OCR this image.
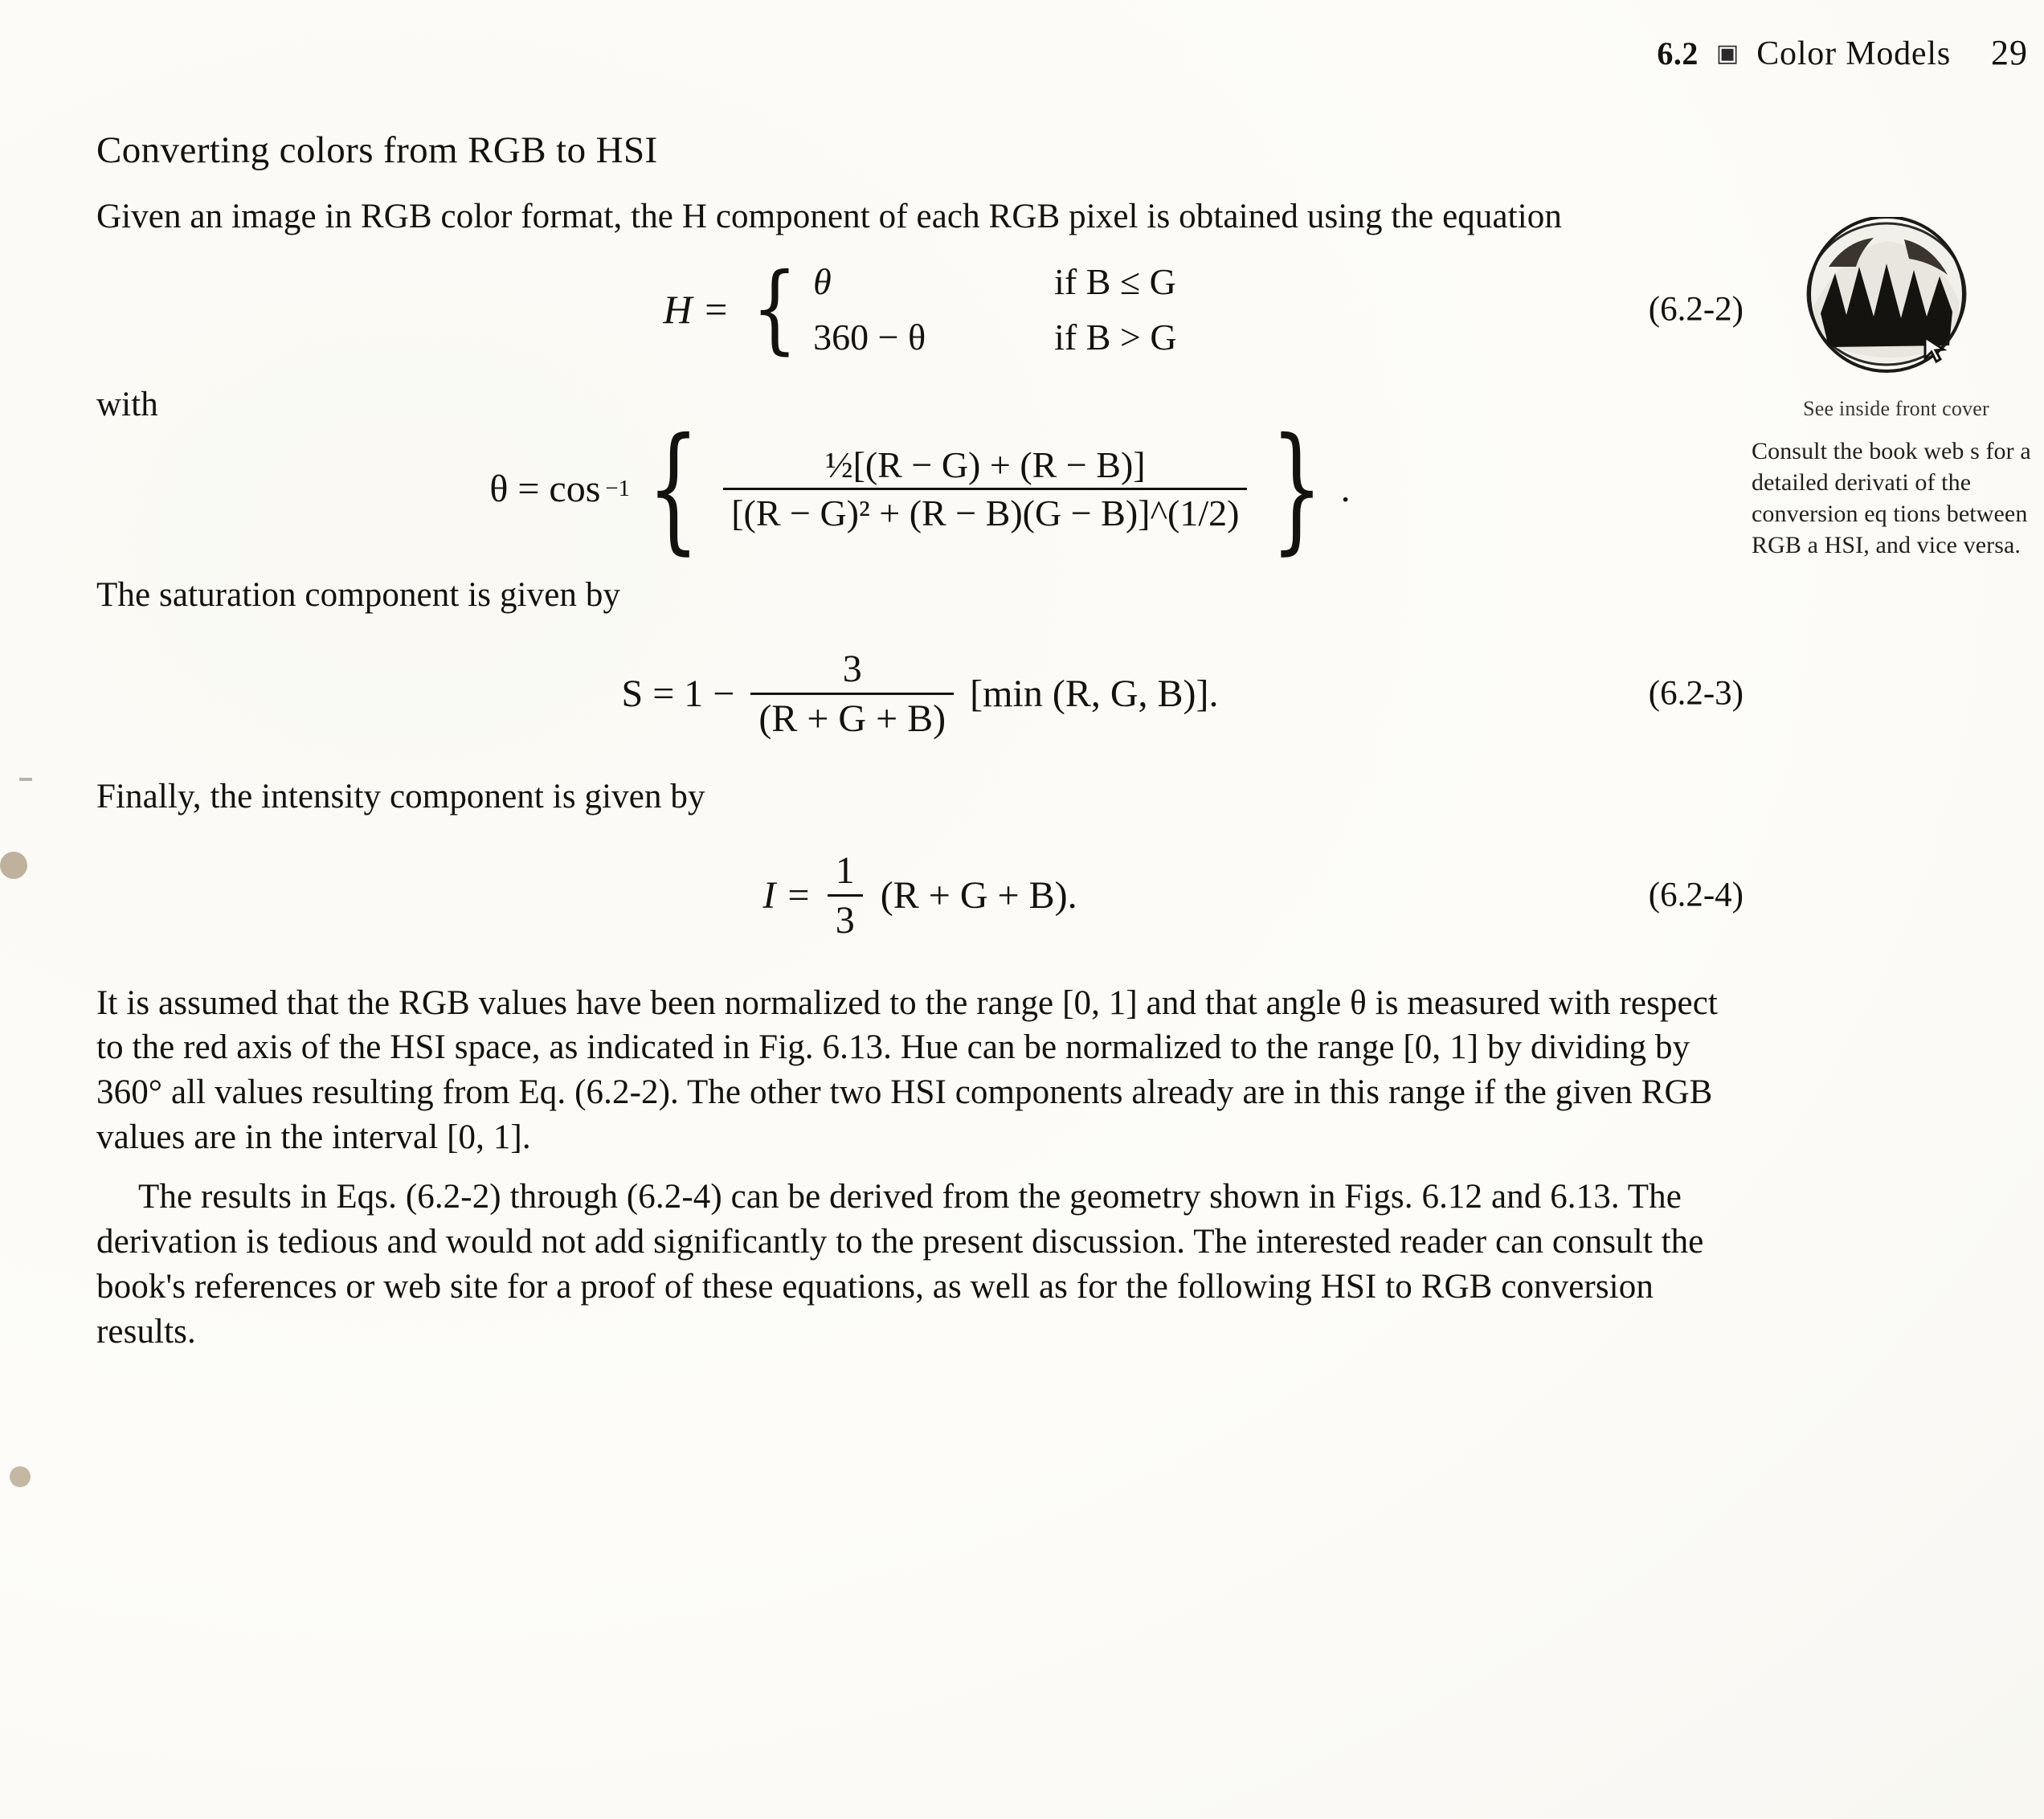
6.2 ▣ Color Models 29
Converting colors from RGB to HSI

Given an image in RGB color format, the H component of each RGB pixel is obtained using the equation

H = { θ	if B ≤ G
360 − θ	if B > G
(6.2-2)

with

θ = cos −1 { $\frac{\text{½[(R − G) + (R − B)]}}{\text{[(R − G)² + (R − B)(G − B)]\textasciicircum{}(1/2)}}$ } .

The saturation component is given by

$S = 1 - \frac{3}{(R + G + B)} [\min$ (R, G, B)].	(6.2-3)

Finally, the intensity component is given by

$I = \frac{1}{3} (R + G + B)$.	(6.2-4)

It is assumed that the RGB values have been normalized to the range [0, 1] and that angle θ is measured with respect to the red axis of the HSI space, as indicated in Fig. 6.13. Hue can be normalized to the range [0, 1] by dividing by 360° all values resulting from Eq. (6.2-2). The other two HSI components already are in this range if the given RGB values are in the interval [0, 1].

The results in Eqs. (6.2-2) through (6.2-4) can be derived from the geometry shown in Figs. 6.12 and 6.13. The derivation is tedious and would not add significantly to the present discussion. The interested reader can consult the book's references or web site for a proof of these equations, as well as for the following HSI to RGB conversion results.

See inside front cover
Consult the book web s for a detailed derivati of the conversion eq tions between RGB a HSI, and vice versa.
